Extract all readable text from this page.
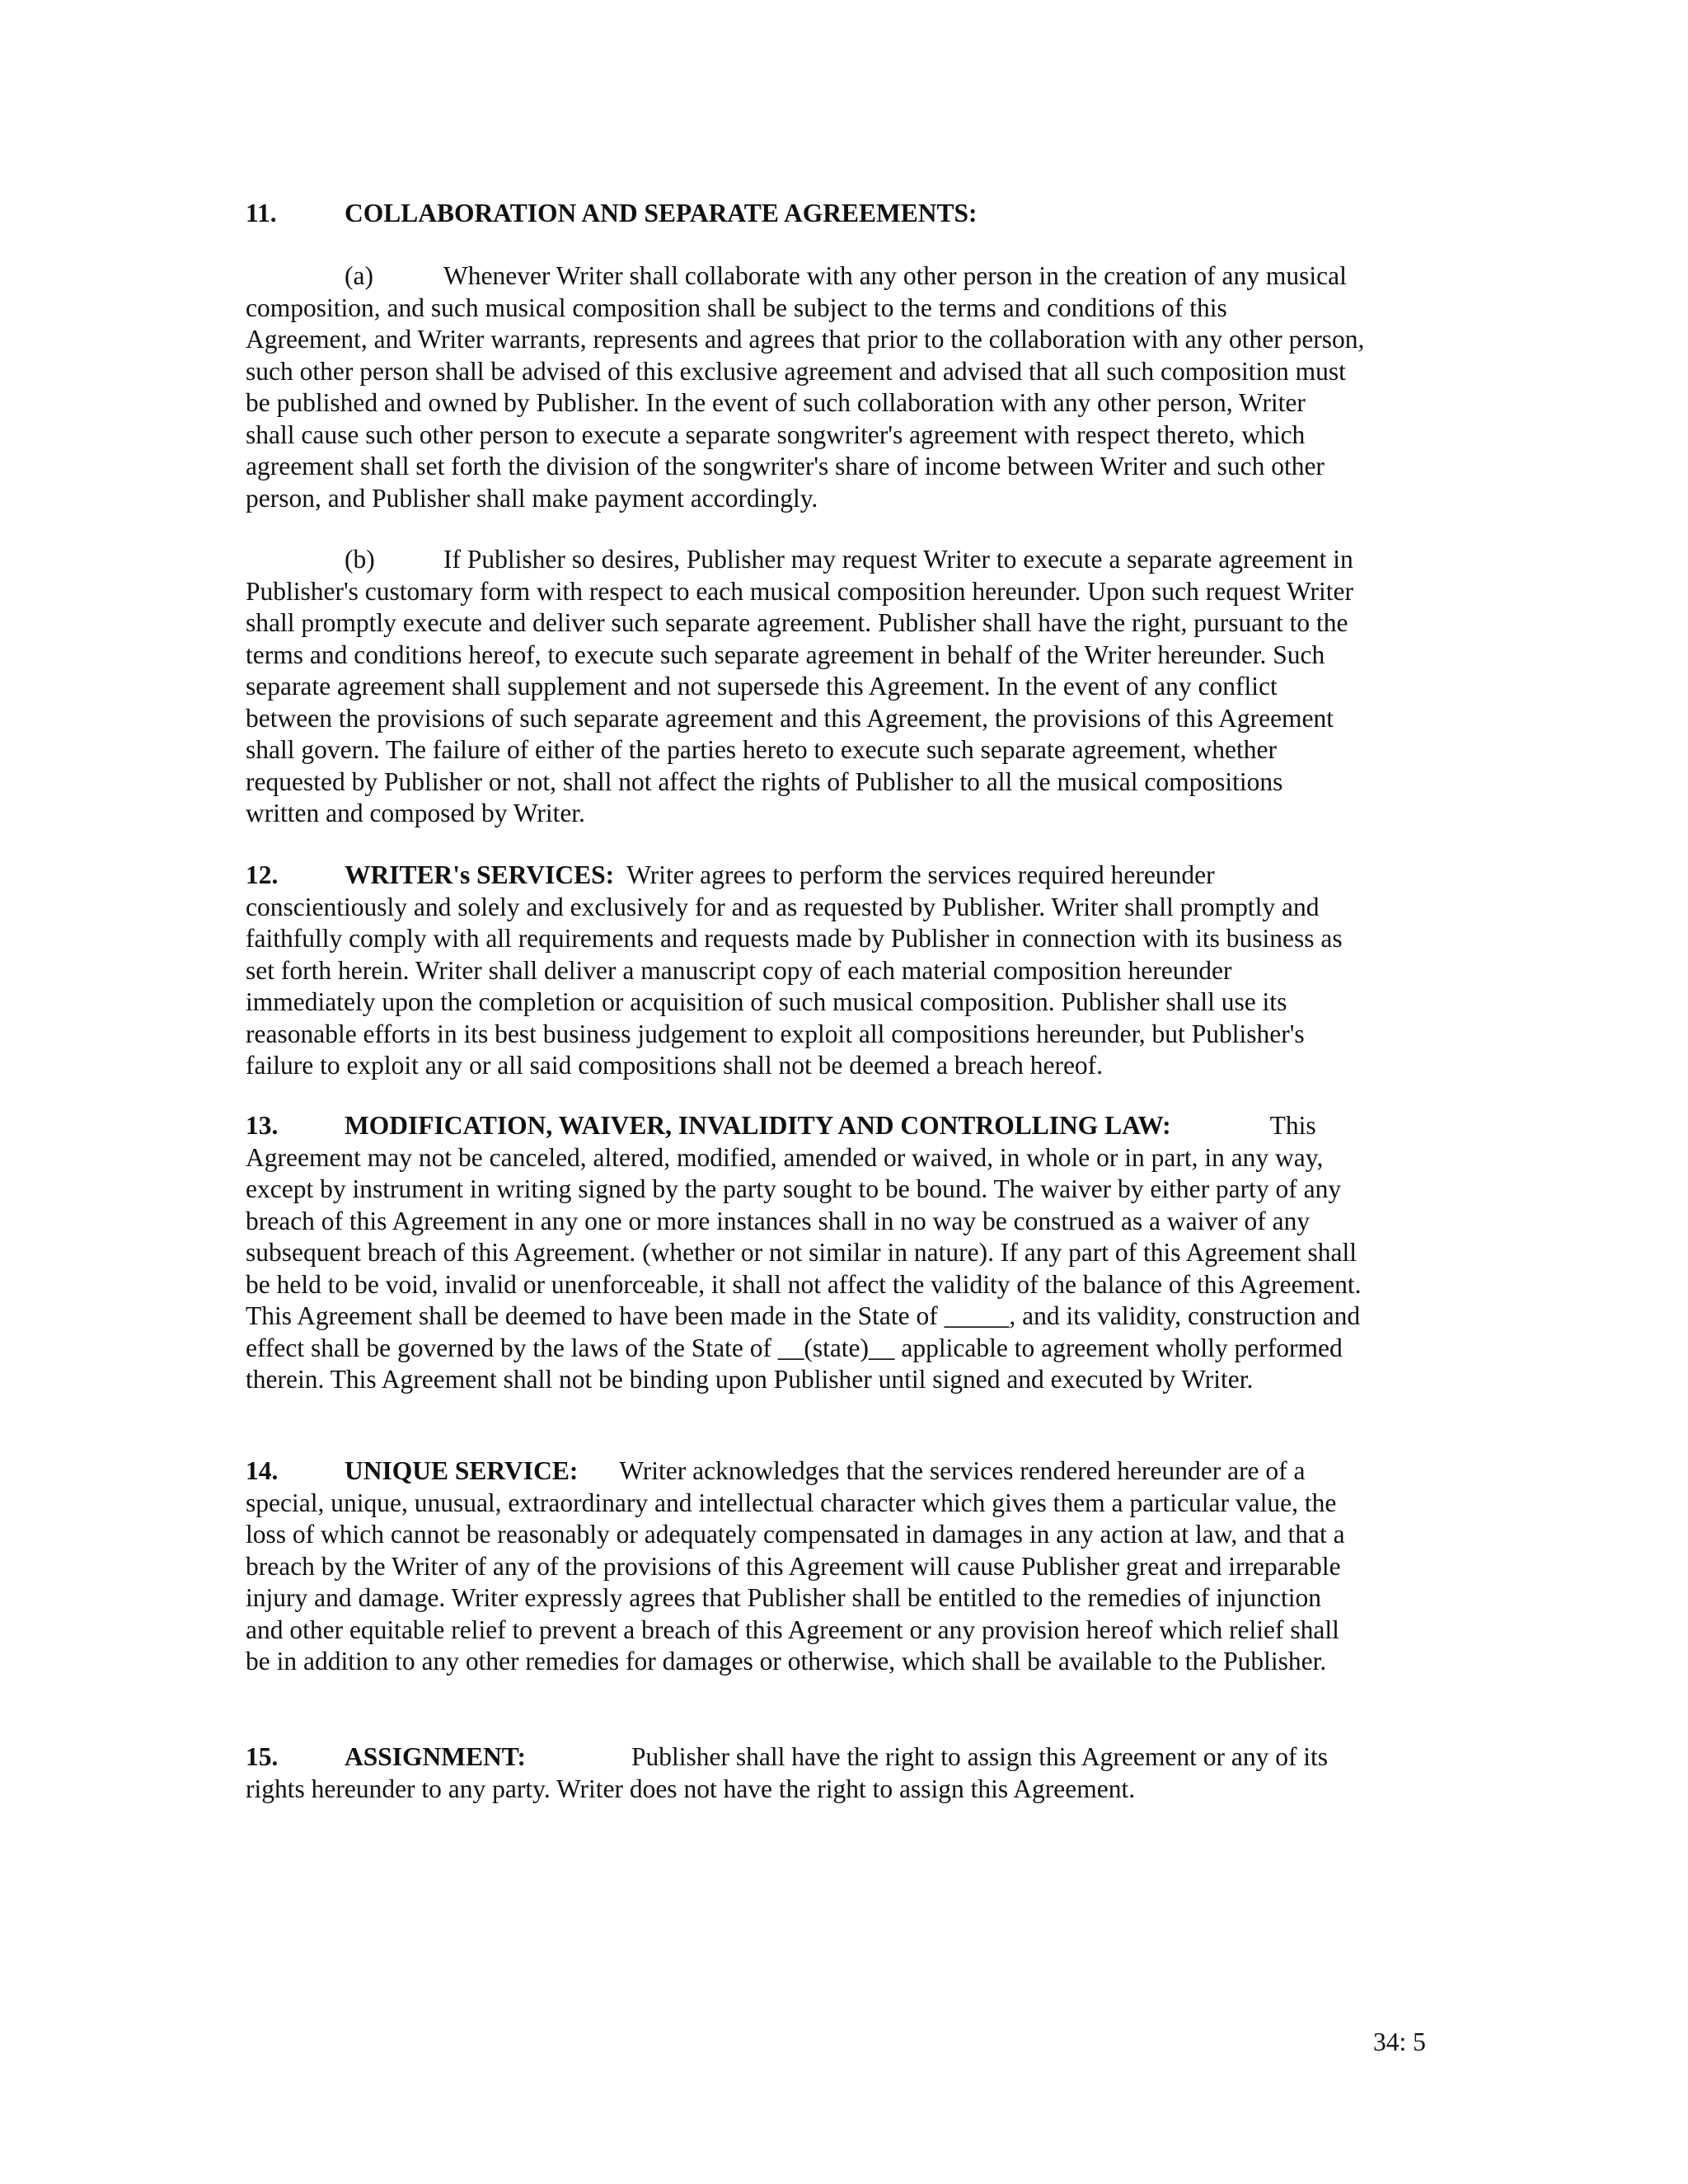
11.	COLLABORATION AND SEPARATE AGREEMENTS:
(a)	Whenever Writer shall collaborate with any other person in the creation of any musical
composition, and such musical composition shall be subject to the terms and conditions of this
Agreement, and Writer warrants, represents and agrees that prior to the collaboration with any other person,
such other person shall be advised of this exclusive agreement and advised that all such composition must
be published and owned by Publisher. In the event of such collaboration with any other person, Writer
shall cause such other person to execute a separate songwriter's agreement with respect thereto, which
agreement shall set forth the division of the songwriter's share of income between Writer and such other
person, and Publisher shall make payment accordingly.
(b)	If Publisher so desires, Publisher may request Writer to execute a separate agreement in
Publisher's customary form with respect to each musical composition hereunder. Upon such request Writer
shall promptly execute and deliver such separate agreement. Publisher shall have the right, pursuant to the
terms and conditions hereof, to execute such separate agreement in behalf of the Writer hereunder. Such
separate agreement shall supplement and not supersede this Agreement. In the event of any conflict
between the provisions of such separate agreement and this Agreement, the provisions of this Agreement
shall govern. The failure of either of the parties hereto to execute such separate agreement, whether
requested by Publisher or not, shall not affect the rights of Publisher to all the musical compositions
written and composed by Writer.
12.	WRITER's SERVICES: Writer agrees to perform the services required hereunder
conscientiously and solely and exclusively for and as requested by Publisher. Writer shall promptly and
faithfully comply with all requirements and requests made by Publisher in connection with its business as
set forth herein. Writer shall deliver a manuscript copy of each material composition hereunder
immediately upon the completion or acquisition of such musical composition. Publisher shall use its
reasonable efforts in its best business judgement to exploit all compositions hereunder, but Publisher's
failure to exploit any or all said compositions shall not be deemed a breach hereof.
13.	MODIFICATION, WAIVER, INVALIDITY AND CONTROLLING LAW:	This
Agreement may not be canceled, altered, modified, amended or waived, in whole or in part, in any way,
except by instrument in writing signed by the party sought to be bound. The waiver by either party of any
breach of this Agreement in any one or more instances shall in no way be construed as a waiver of any
subsequent breach of this Agreement. (whether or not similar in nature). If any part of this Agreement shall
be held to be void, invalid or unenforceable, it shall not affect the validity of the balance of this Agreement.
This Agreement shall be deemed to have been made in the State of _____, and its validity, construction and
effect shall be governed by the laws of the State of __(state)__ applicable to agreement wholly performed
therein. This Agreement shall not be binding upon Publisher until signed and executed by Writer.
14.	UNIQUE SERVICE: Writer acknowledges that the services rendered hereunder are of a
special, unique, unusual, extraordinary and intellectual character which gives them a particular value, the
loss of which cannot be reasonably or adequately compensated in damages in any action at law, and that a
breach by the Writer of any of the provisions of this Agreement will cause Publisher great and irreparable
injury and damage. Writer expressly agrees that Publisher shall be entitled to the remedies of injunction
and other equitable relief to prevent a breach of this Agreement or any provision hereof which relief shall
be in addition to any other remedies for damages or otherwise, which shall be available to the Publisher.
15.	ASSIGNMENT:	Publisher shall have the right to assign this Agreement or any of its
rights hereunder to any party. Writer does not have the right to assign this Agreement.
34: 5
